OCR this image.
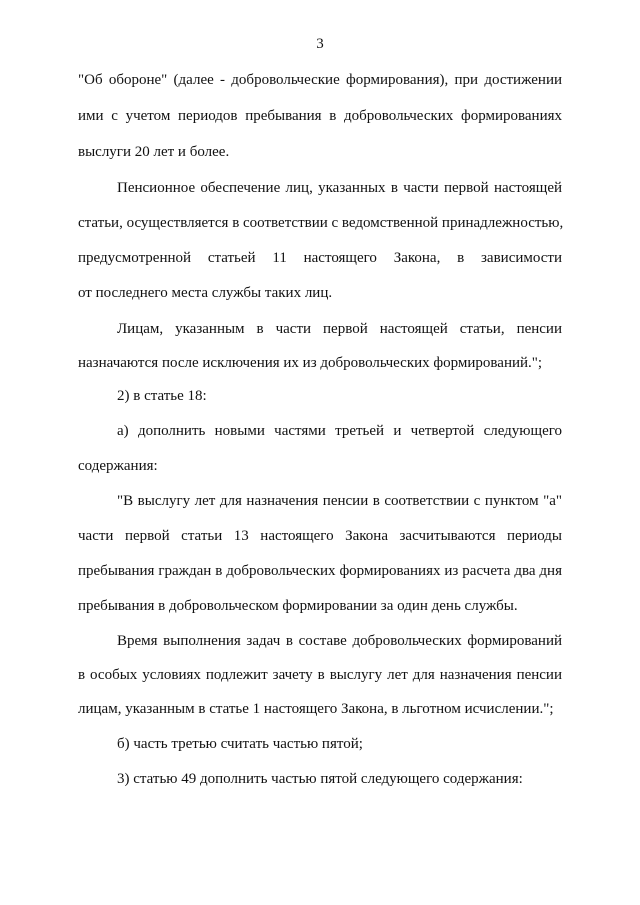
3
"Об обороне" (далее - добровольческие формирования), при достижении
ими с учетом периодов пребывания в добровольческих формированиях
выслуги 20 лет и более.
Пенсионное обеспечение лиц, указанных в части первой настоящей
статьи, осуществляется в соответствии с ведомственной принадлежностью,
предусмотренной статьей 11 настоящего Закона, в зависимости
от последнего места службы таких лиц.
Лицам, указанным в части первой настоящей статьи, пенсии
назначаются после исключения их из добровольческих формирований.";
2) в статье 18:
а) дополнить новыми частями третьей и четвертой следующего
содержания:
"В выслугу лет для назначения пенсии в соответствии с пунктом "а"
части первой статьи 13 настоящего Закона засчитываются периоды
пребывания граждан в добровольческих формированиях из расчета два дня
пребывания в добровольческом формировании за один день службы.
Время выполнения задач в составе добровольческих формирований
в особых условиях подлежит зачету в выслугу лет для назначения пенсии
лицам, указанным в статье 1 настоящего Закона, в льготном исчислении.";
б) часть третью считать частью пятой;
3) статью 49 дополнить частью пятой следующего содержания:
